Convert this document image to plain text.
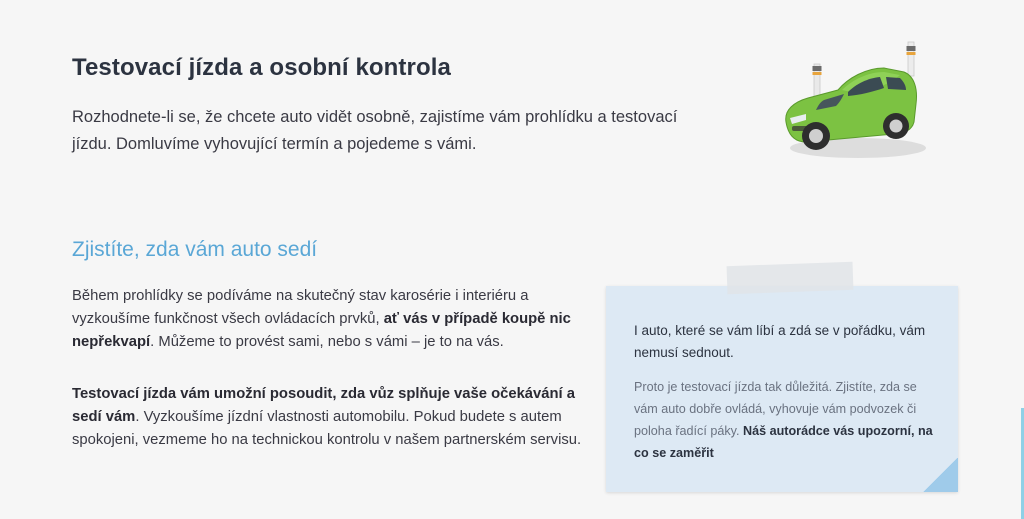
Testovací jízda a osobní kontrola

Rozhodnete-li se, že chcete auto vidět osobně, zajistíme vám prohlídku a testovací jízdu. Domluvíme vyhovující termín a pojedeme s vámi.

Zjistíte, zda vám auto sedí

Během prohlídky se podíváme na skutečný stav karosérie i interiéru a vyzkoušíme funkčnost všech ovládacích prvků, ať vás v případě koupě nic nepřekvapí. Můžeme to provést sami, nebo s vámi – je to na vás.

Testovací jízda vám umožní posoudit, zda vůz splňuje vaše očekávání a sedí vám. Vyzkoušíme jízdní vlastnosti automobilu. Pokud budete s autem spokojeni, vezmeme ho na technickou kontrolu v našem partnerském servisu.

I auto, které se vám líbí a zdá se v pořádku, vám nemusí sednout.

Proto je testovací jízda tak důležitá. Zjistíte, zda se vám auto dobře ovládá, vyhovuje vám podvozek či poloha řadící páky. Náš autorádce vás upozorní, na co se zaměřit
